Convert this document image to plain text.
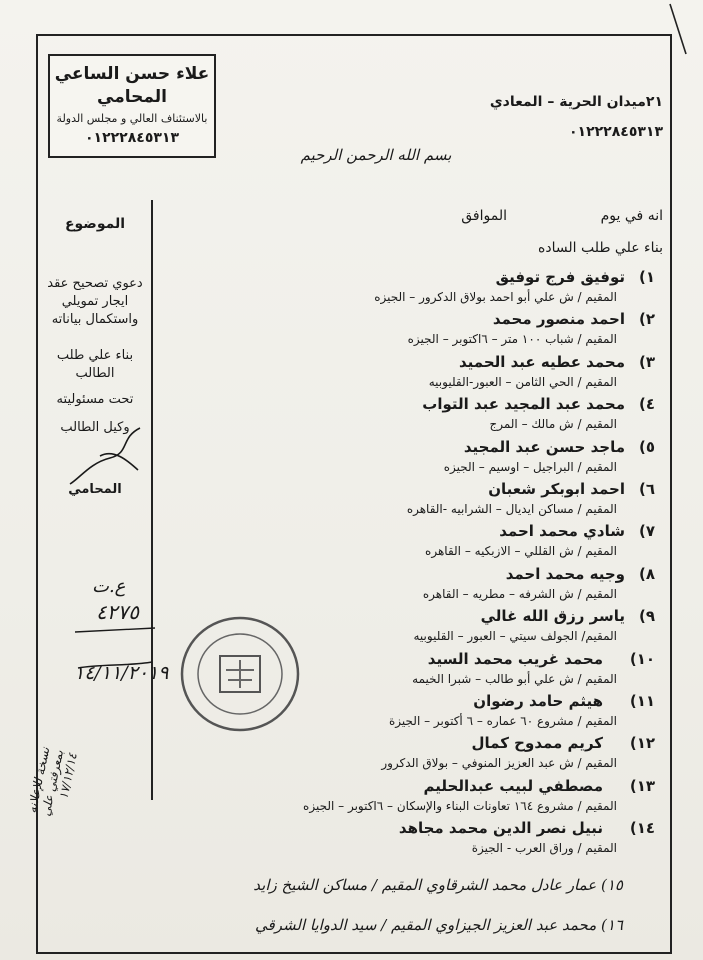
علاء حسن الساعي
المحامي
بالاستئناف العالي و مجلس الدولة
٠١٢٢٢٨٤٥٣١٣
٢١ميدان الحرية – المعادي
٠١٢٢٢٨٤٥٣١٣
بسم الله الرحمن الرحيم
انه في يوم
الموافق
بناء علي طلب الساده
الموضوع
دعوي تصحيح عقد
ايجار تمويلي
واستكمال بياناته
بناء علي طلب
الطالب
تحت مسئوليته
وكيل الطالب
المحامي
ع.ت
٤٢٧٥
١٤/١١/٢٠١٩
نسخة للإعلانه بمعرفتي علي ١٧/١٢/١٤
١)
توفيق فرج توفيق
المقيم / ش علي أبو احمد بولاق الدكرور – الجيزه
٢)
احمد منصور محمد
المقيم / شباب ١٠٠ متر – ٦اكتوبر – الجيزه
٣)
محمد عطيه عبد الحميد
المقيم / الحي الثامن – العبور-القليوبيه
٤)
محمد عبد المجيد عبد التواب
المقيم / ش مالك – المرج
٥)
ماجد حسن عبد المجيد
المقيم / البراجيل – اوسيم – الجيزه
٦)
احمد ابوبكر شعبان
المقيم / مساكن ايديال – الشرابيه -القاهره
٧)
شادي محمد احمد
المقيم / ش القللي – الازبكيه – القاهره
٨)
وجيه محمد احمد
المقيم / ش الشرفه – مطريه – القاهره
٩)
ياسر رزق الله غالي
المقيم/ الجولف سيتي – العبور – القليوبيه
١٠)
محمد غريب محمد السيد
المقيم / ش علي أبو طالب – شبرا الخيمه
١١)
هيثم حامد رضوان
المقيم / مشروع ٦٠ عماره – ٦ أكتوبر – الجيزة
١٢)
كريم ممدوح كمال
المقيم / ش عبد العزيز المنوفي – بولاق الدكرور
١٣)
مصطفي لبيب عبدالحليم
المقيم / مشروع ١٦٤ تعاونات البناء والإسكان – ٦اكتوبر – الجيزه
١٤)
نبيل نصر الدين محمد مجاهد
المقيم / وراق العرب - الجيزة
١٥) عمار عادل محمد الشرقاوي المقيم / مساكن الشيخ زايد
١٦) محمد عبد العزيز الجيزاوي المقيم / سيد الدوايا الشرقي
